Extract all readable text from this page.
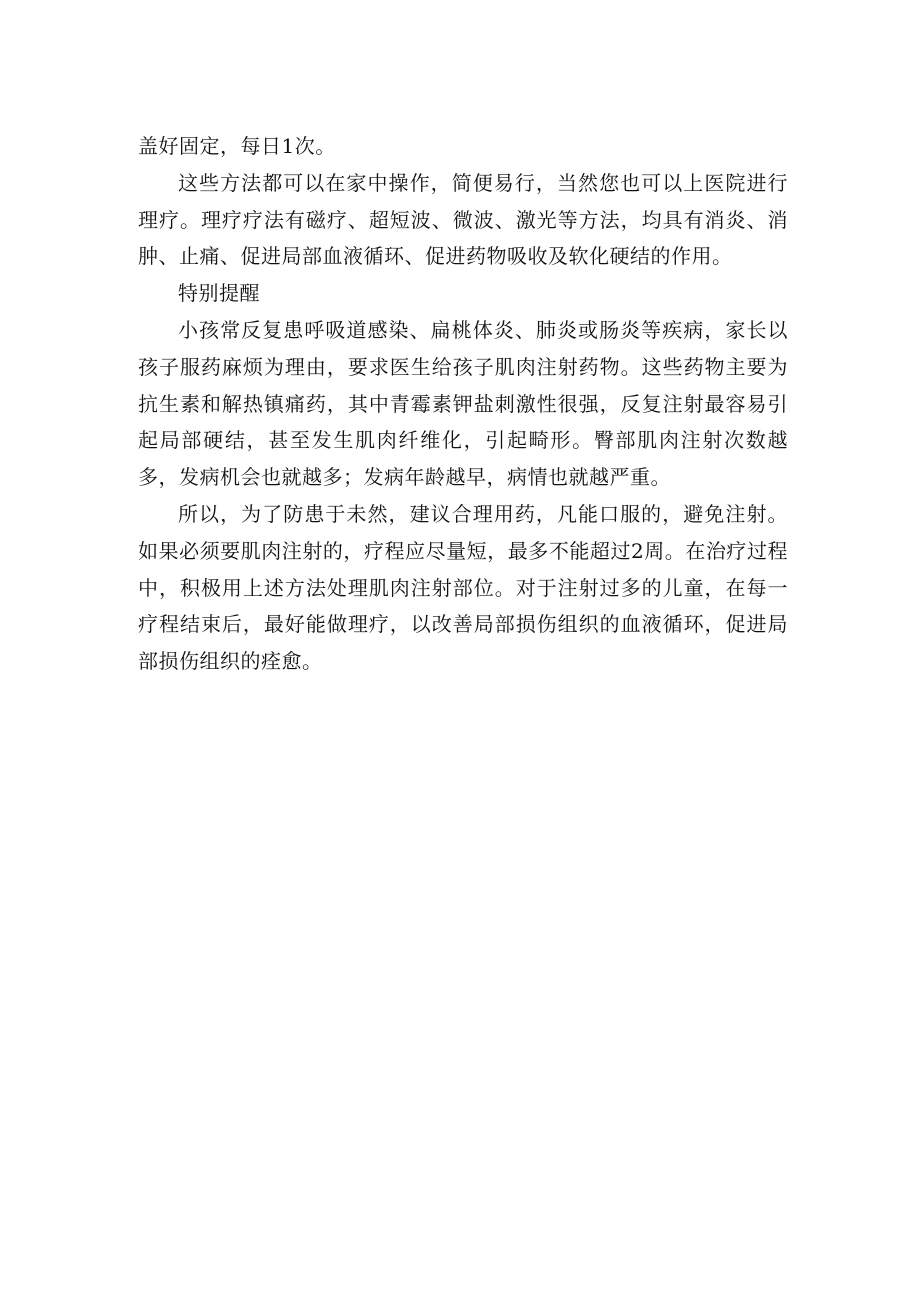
盖好固定，每日1次。

这些方法都可以在家中操作，简便易行，当然您也可以上医院进行理疗。理疗疗法有磁疗、超短波、微波、激光等方法，均具有消炎、消肿、止痛、促进局部血液循环、促进药物吸收及软化硬结的作用。

特别提醒

小孩常反复患呼吸道感染、扁桃体炎、肺炎或肠炎等疾病，家长以孩子服药麻烦为理由，要求医生给孩子肌肉注射药物。这些药物主要为抗生素和解热镇痛药，其中青霉素钾盐刺激性很强，反复注射最容易引起局部硬结，甚至发生肌肉纤维化，引起畸形。臀部肌肉注射次数越多，发病机会也就越多；发病年龄越早，病情也就越严重。

所以，为了防患于未然，建议合理用药，凡能口服的，避免注射。如果必须要肌肉注射的，疗程应尽量短，最多不能超过2周。在治疗过程中，积极用上述方法处理肌肉注射部位。对于注射过多的儿童，在每一疗程结束后，最好能做理疗，以改善局部损伤组织的血液循环，促进局部损伤组织的痊愈。
